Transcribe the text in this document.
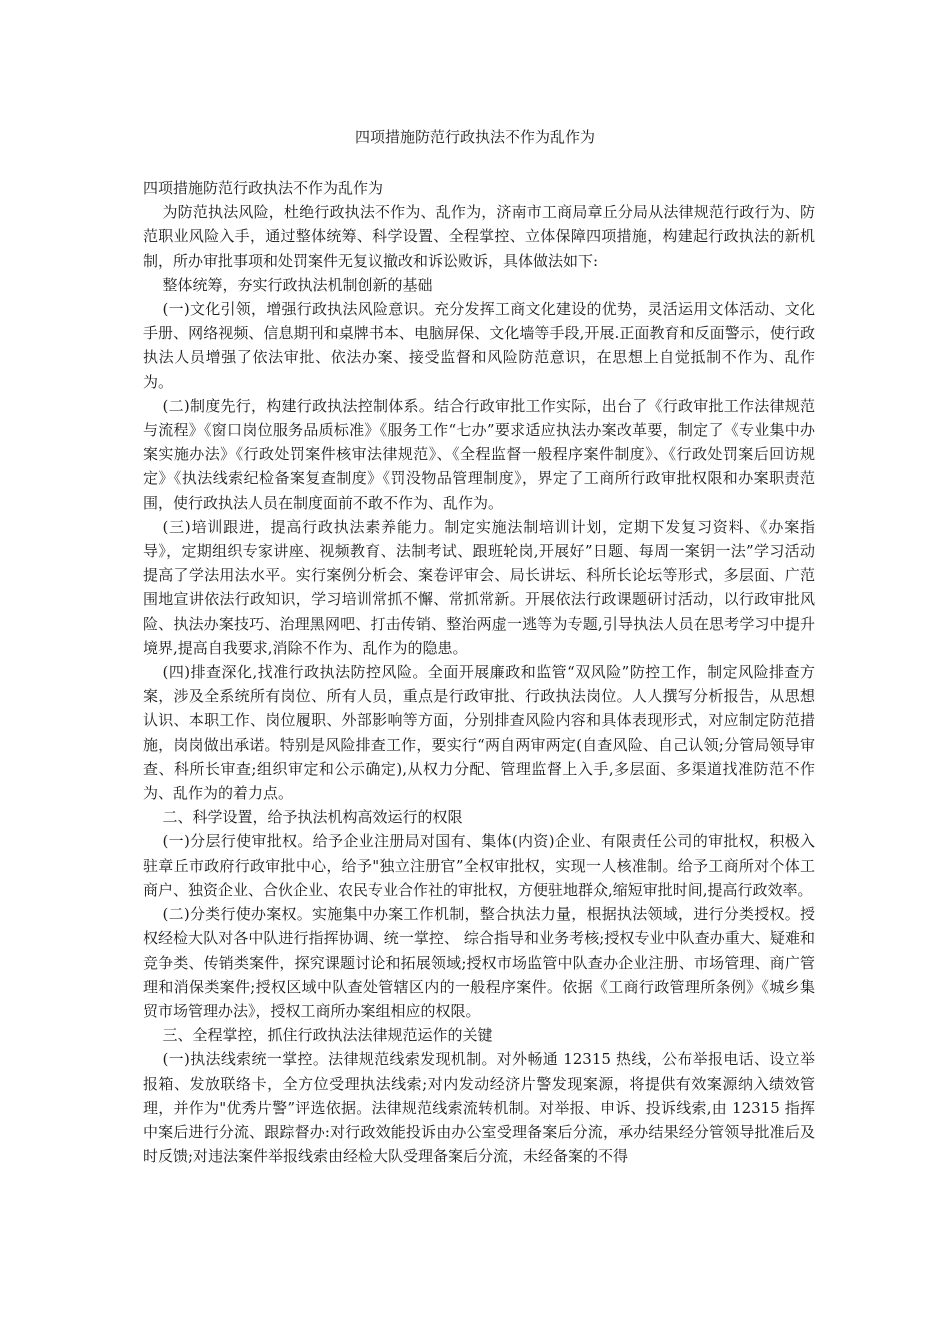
四项措施防范行政执法不作为乱作为

四项措施防范行政执法不作为乱作为

为防范执法风险，杜绝行政执法不作为、乱作为，济南市工商局章丘分局从法律规范行政行为、防范职业风险入手，通过整体统筹、科学设置、全程掌控、立体保障四项措施，构建起行政执法的新机制，所办审批事项和处罚案件无复议撤改和诉讼败诉，具体做法如下:

整体统筹，夯实行政执法机制创新的基础

(一)文化引领，增强行政执法风险意识。充分发挥工商文化建设的优势，灵活运用文体活动、文化手册、网络视频、信息期刊和桌牌书本、电脑屏保、文化墙等手段,开展.正面教育和反面警示，使行政执法人员增强了依法审批、依法办案、接受监督和风险防范意识，在思想上自觉抵制不作为、乱作为。

(二)制度先行，构建行政执法控制体系。结合行政审批工作实际，出台了《行政审批工作法律规范与流程》《窗口岗位服务品质标准》《服务工作“七办”要求适应执法办案改革要，制定了《专业集中办案实施办法》《行政处罚案件核审法律规范》、《全程监督一般程序案件制度》、《行政处罚案后回访规定》《执法线索纪检备案复查制度》《罚没物品管理制度》，界定了工商所行政审批权限和办案职责范围，使行政执法人员在制度面前不敢不作为、乱作为。

(三)培训跟进，提高行政执法素养能力。制定实施法制培训计划，定期下发复习资料、《办案指导》，定期组织专家讲座、视频教育、法制考试、跟班轮岗,开展好”日题、每周一案钥一法”学习活动提高了学法用法水平。实行案例分析会、案卷评审会、局长讲坛、科所长论坛等形式，多层面、广范围地宣讲依法行政知识，学习培训常抓不懈、常抓常新。开展依法行政课题研讨活动，以行政审批风险、执法办案技巧、治理黑网吧、打击传销、整治两虚一逃等为专题,引导执法人员在思考学习中提升境界,提高自我要求,消除不作为、乱作为的隐患。

(四)排查深化,找准行政执法防控风险。全面开展廉政和监管“双风险”防控工作，制定风险排查方案，涉及全系统所有岗位、所有人员，重点是行政审批、行政执法岗位。人人撰写分析报告，从思想认识、本职工作、岗位履职、外部影响等方面，分别排查风险内容和具体表现形式，对应制定防范措施，岗岗做出承诺。特别是风险排查工作，要实行“两自两审两定(自查风险、自己认领;分管局领导审查、科所长审查;组织审定和公示确定),从权力分配、管理监督上入手,多层面、多渠道找准防范不作为、乱作为的着力点。

二、科学设置，给予执法机构高效运行的权限

(一)分层行使审批权。给予企业注册局对国有、集体(内资)企业、有限责任公司的审批权，积极入驻章丘市政府行政审批中心，给予"独立注册官”全权审批权，实现一人核准制。给予工商所对个体工商户、独资企业、合伙企业、农民专业合作社的审批权，方便驻地群众,缩短审批时间,提高行政效率。

(二)分类行使办案权。实施集中办案工作机制，整合执法力量，根据执法领域，进行分类授权。授权经检大队对各中队进行指挥协调、统一掌控、 综合指导和业务考核;授权专业中队查办重大、疑难和竞争类、传销类案件，探究课题讨论和拓展领域;授权市场监管中队查办企业注册、市场管理、商广管理和消保类案件;授权区域中队查处管辖区内的一般程序案件。依据《工商行政管理所条例》《城乡集贸市场管理办法》，授权工商所办案组相应的权限。

三、全程掌控，抓住行政执法法律规范运作的关键

(一)执法线索统一掌控。法律规范线索发现机制。对外畅通 12315 热线，公布举报电话、设立举报箱、发放联络卡，全方位受理执法线索;对内发动经济片警发现案源，将提供有效案源纳入绩效管理，并作为"优秀片警”评选依据。法律规范线索流转机制。对举报、申诉、投诉线索,由 12315 指挥中案后进行分流、跟踪督办:对行政效能投诉由办公室受理备案后分流，承办结果经分管领导批准后及时反馈;对违法案件举报线索由经检大队受理备案后分流，未经备案的不得
